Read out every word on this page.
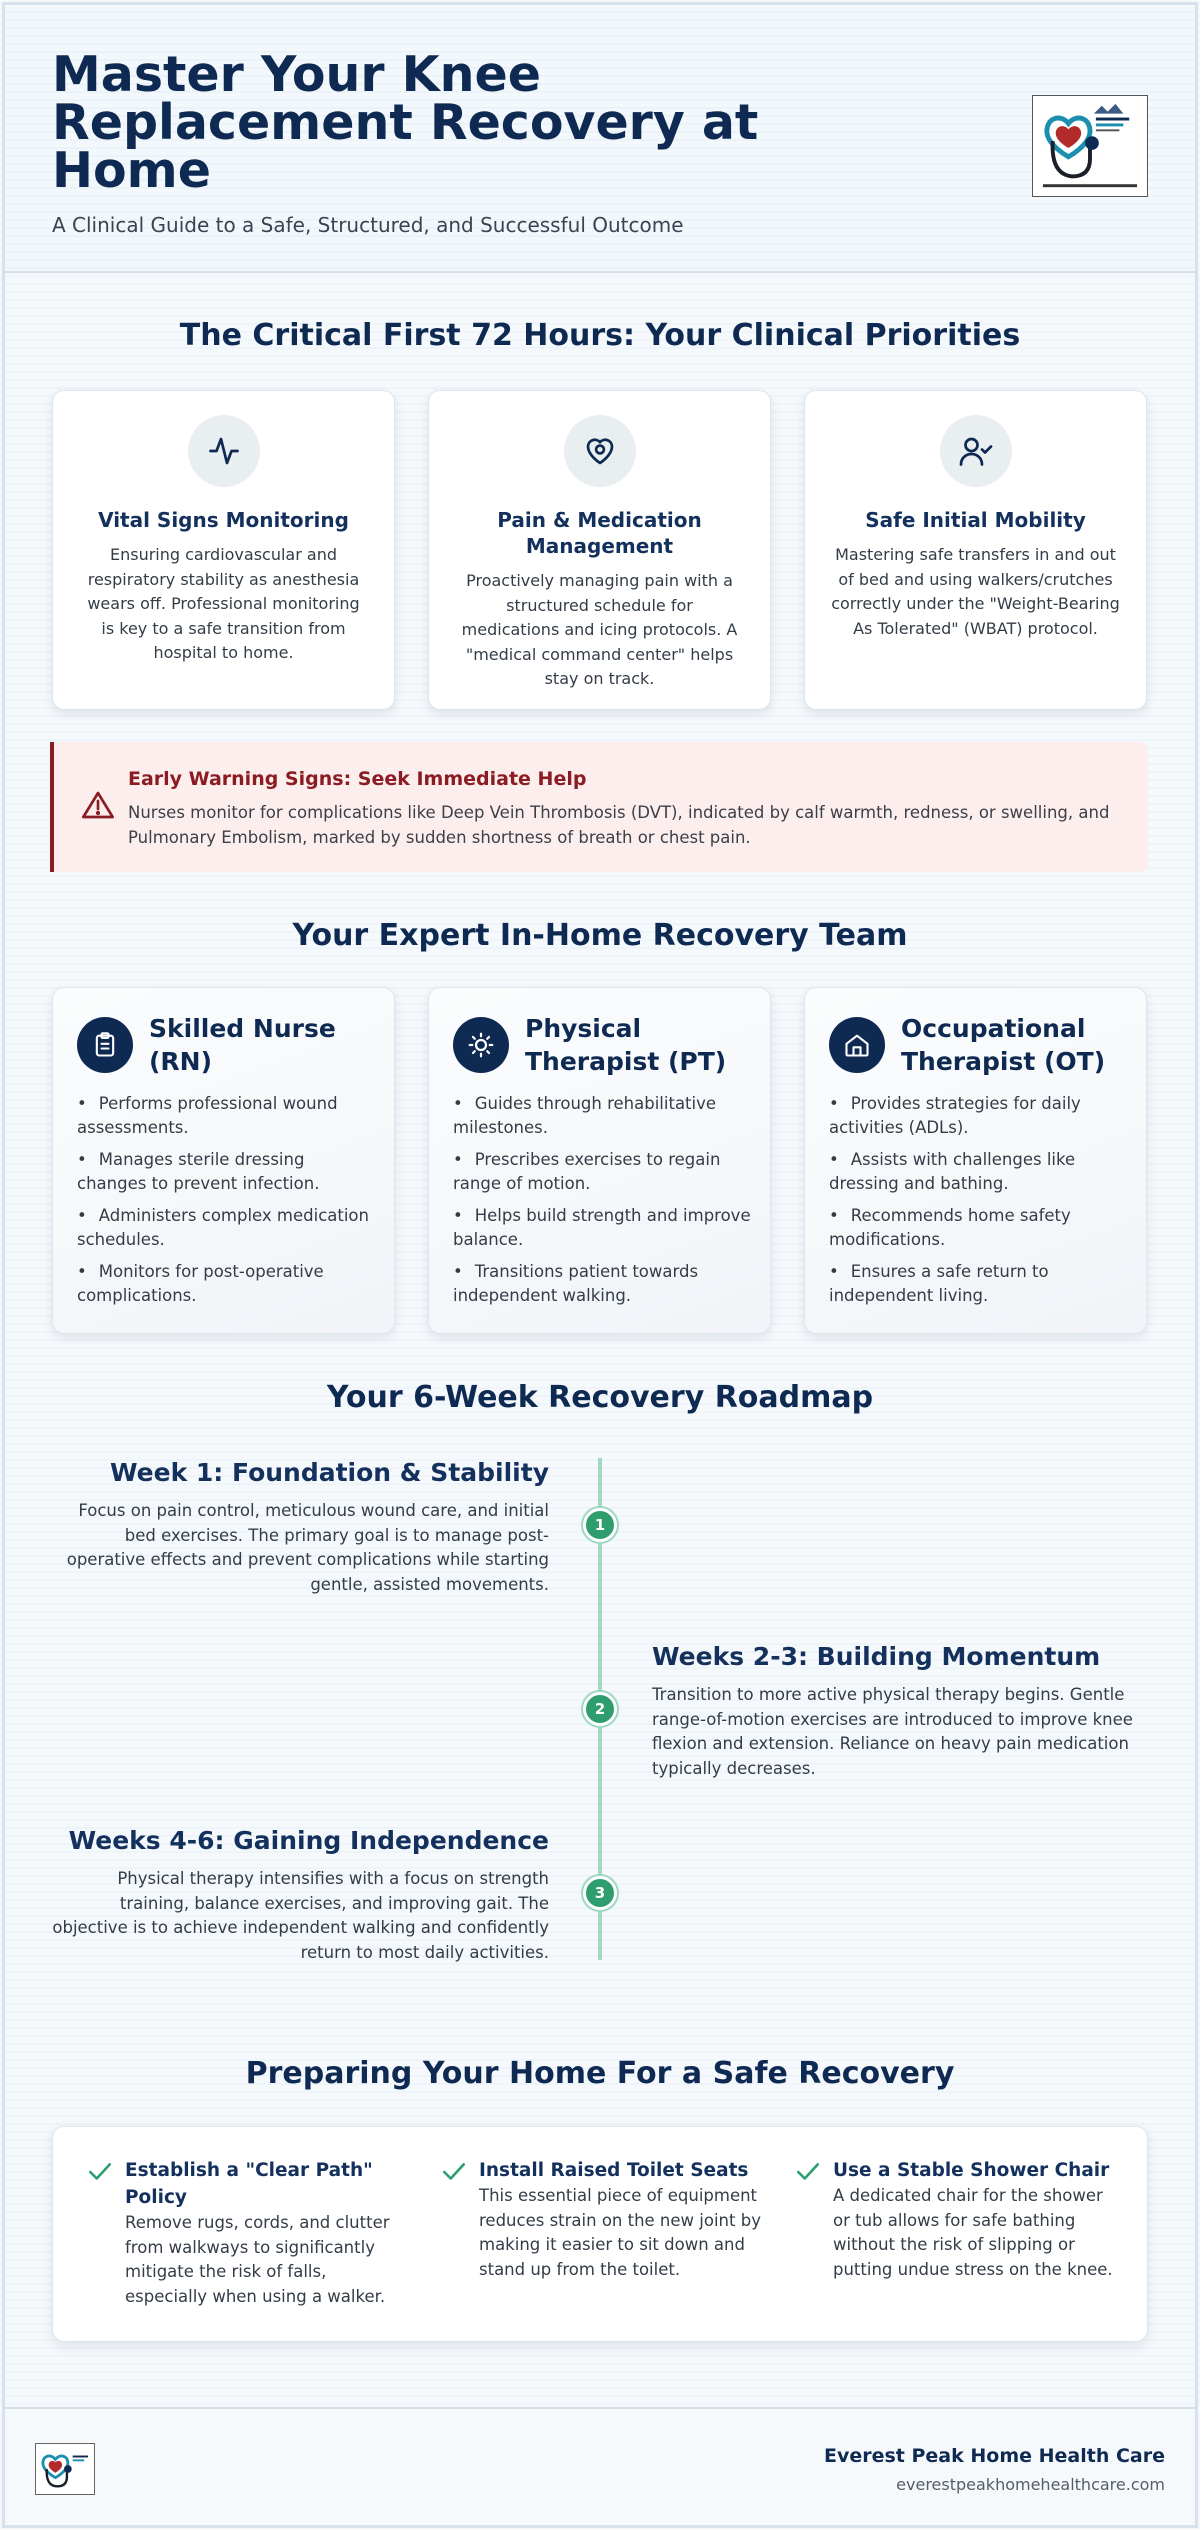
Master Your Knee Replacement Recovery at Home
A Clinical Guide to a Safe, Structured, and Successful Outcome
The Critical First 72 Hours: Your Clinical Priorities
Vital Signs Monitoring

Ensuring cardiovascular and respiratory stability as anesthesia wears off. Professional monitoring is key to a safe transition from hospital to home.

Pain & Medication Management

Proactively managing pain with a structured schedule for medications and icing protocols. A "medical command center" helps stay on track.

Safe Initial Mobility

Mastering safe transfers in and out of bed and using walkers/crutches correctly under the "Weight-Bearing As Tolerated" (WBAT) protocol.

Early Warning Signs: Seek Immediate Help

Nurses monitor for complications like Deep Vein Thrombosis (DVT), indicated by calf warmth, redness, or swelling, and Pulmonary Embolism, marked by sudden shortness of breath or chest pain.

Your Expert In-Home Recovery Team
Skilled Nurse (RN)
• Performs professional wound assessments.
• Manages sterile dressing changes to prevent infection.
• Administers complex medication schedules.
• Monitors for post-operative complications.
Physical Therapist (PT)
• Guides through rehabilitative milestones.
• Prescribes exercises to regain range of motion.
• Helps build strength and improve balance.
• Transitions patient towards independent walking.
Occupational Therapist (OT)
• Provides strategies for daily activities (ADLs).
• Assists with challenges like dressing and bathing.
• Recommends home safety modifications.
• Ensures a safe return to independent living.
Your 6-Week Recovery Roadmap
Week 1: Foundation & Stability

Focus on pain control, meticulous wound care, and initial bed exercises. The primary goal is to manage post-operative effects and prevent complications while starting gentle, assisted movements.

1
Weeks 2-3: Building Momentum

Transition to more active physical therapy begins. Gentle range-of-motion exercises are introduced to improve knee flexion and extension. Reliance on heavy pain medication typically decreases.

2
Weeks 4-6: Gaining Independence

Physical therapy intensifies with a focus on strength training, balance exercises, and improving gait. The objective is to achieve independent walking and confidently return to most daily activities.

3
Preparing Your Home For a Safe Recovery
Establish a "Clear Path" Policy

Remove rugs, cords, and clutter from walkways to significantly mitigate the risk of falls, especially when using a walker.

Install Raised Toilet Seats

This essential piece of equipment reduces strain on the new joint by making it easier to sit down and stand up from the toilet.

Use a Stable Shower Chair

A dedicated chair for the shower or tub allows for safe bathing without the risk of slipping or putting undue stress on the knee.

Everest Peak Home Health Care
everestpeakhomehealthcare.com
